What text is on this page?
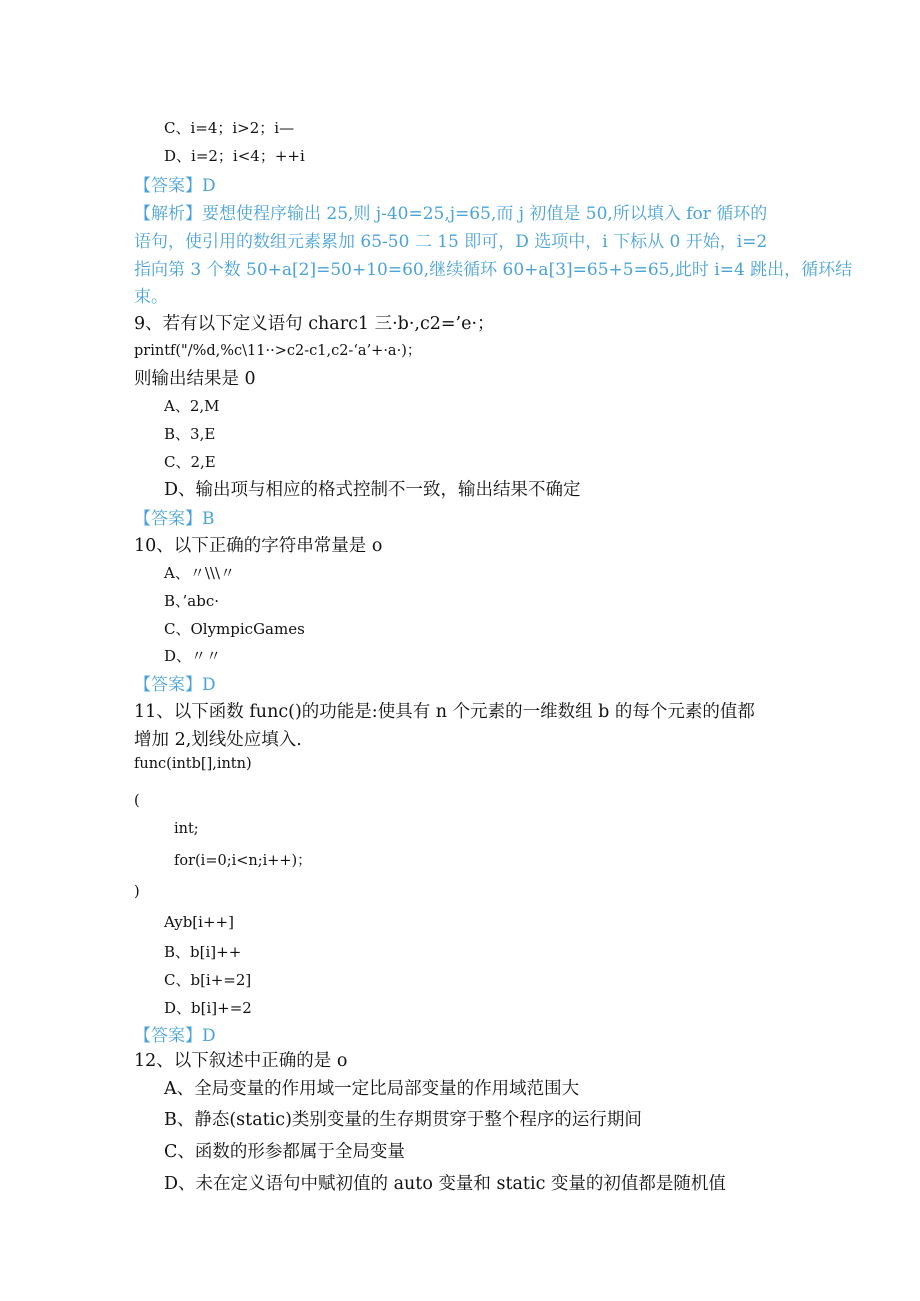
C、i=4；i>2；i—
D、i=2；i<4；++i
【答案】D
【解析】要想使程序输出 25,则 j-40=25,j=65,而 j 初值是 50,所以填入 for 循环的
语句，使引用的数组元素累加 65-50 二 15 即可，D 选项中，i 下标从 0 开始，i=2
指向第 3 个数 50+a[2]=50+10=60,继续循环 60+a[3]=65+5=65,此时 i=4 跳出，循环结
束。
9、若有以下定义语句 charc1 三·b·,c2=’e·；
printf("/%d,%c\11··>c2-c1,c2-‘a’+·a·)；
则输出结果是 0
A、2,M
B、3,E
C、2,E
D、输出项与相应的格式控制不一致，输出结果不确定
【答案】B
10、以下正确的字符串常量是 o
A、〃\\\〃
B、’abc·
C、OlympicGames
D、〃〃
【答案】D
11、以下函数 func()的功能是:使具有 n 个元素的一维数组 b 的每个元素的值都
增加 2,划线处应填入.
func(intb[],intn)
(
int;
for(i=0;i<n;i++)；
)
Ayb[i++]
B、b[i]++
C、b[i+=2]
D、b[i]+=2
【答案】D
12、以下叙述中正确的是 o
A、全局变量的作用域一定比局部变量的作用域范围大
B、静态(static)类别变量的生存期贯穿于整个程序的运行期间
C、函数的形参都属于全局变量
D、未在定义语句中赋初值的 auto 变量和 static 变量的初值都是随机值
